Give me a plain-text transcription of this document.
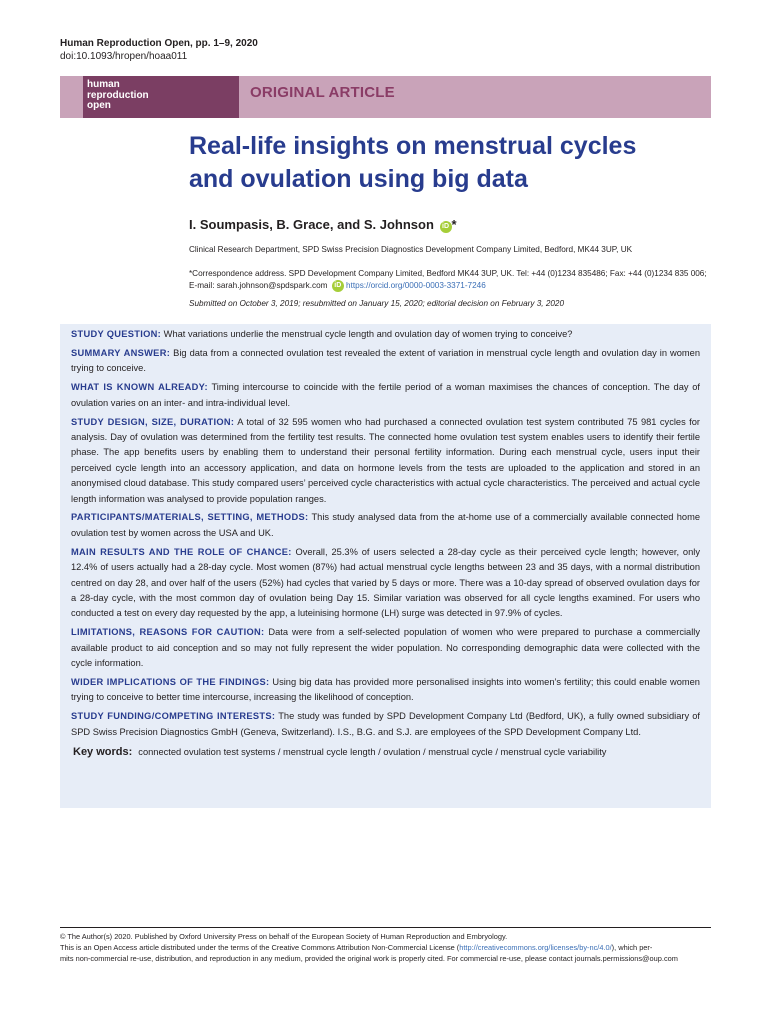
Human Reproduction Open, pp. 1–9, 2020
doi:10.1093/hropen/hoaa011
human
reproduction
open
ORIGINAL ARTICLE
Real-life insights on menstrual cycles
and ovulation using big data
I. Soumpasis, B. Grace, and S. Johnson iD *
Clinical Research Department, SPD Swiss Precision Diagnostics Development Company Limited, Bedford, MK44 3UP, UK
*Correspondence address. SPD Development Company Limited, Bedford MK44 3UP, UK. Tel: +44 (0)1234 835486; Fax: +44 (0)1234 835 006; E-mail: sarah.johnson@spdspark.com iD https://orcid.org/0000-0003-3371-7246
Submitted on October 3, 2019; resubmitted on January 15, 2020; editorial decision on February 3, 2020

STUDY QUESTION: What variations underlie the menstrual cycle length and ovulation day of women trying to conceive?

SUMMARY ANSWER: Big data from a connected ovulation test revealed the extent of variation in menstrual cycle length and ovulation day in women trying to conceive.

WHAT IS KNOWN ALREADY: Timing intercourse to coincide with the fertile period of a woman maximises the chances of conception. The day of ovulation varies on an inter- and intra-individual level.

STUDY DESIGN, SIZE, DURATION: A total of 32 595 women who had purchased a connected ovulation test system contributed 75 981 cycles for analysis. Day of ovulation was determined from the fertility test results. The connected home ovulation test system enables users to identify their fertile phase. The app benefits users by enabling them to understand their personal fertility information. During each menstrual cycle, users input their perceived cycle length into an accessory application, and data on hormone levels from the tests are uploaded to the application and stored in an anonymised cloud database. This study compared users’ perceived cycle characteristics with actual cycle characteristics. The perceived and actual cycle length information was analysed to provide population ranges.

PARTICIPANTS/MATERIALS, SETTING, METHODS: This study analysed data from the at-home use of a commercially available connected home ovulation test by women across the USA and UK.

MAIN RESULTS AND THE ROLE OF CHANCE: Overall, 25.3% of users selected a 28-day cycle as their perceived cycle length; however, only 12.4% of users actually had a 28-day cycle. Most women (87%) had actual menstrual cycle lengths between 23 and 35 days, with a normal distribution centred on day 28, and over half of the users (52%) had cycles that varied by 5 days or more. There was a 10-day spread of observed ovulation days for a 28-day cycle, with the most common day of ovulation being Day 15. Similar variation was observed for all cycle lengths examined. For users who conducted a test on every day requested by the app, a luteinising hormone (LH) surge was detected in 97.9% of cycles.

LIMITATIONS, REASONS FOR CAUTION: Data were from a self-selected population of women who were prepared to purchase a commercially available product to aid conception and so may not fully represent the wider population. No corresponding demographic data were collected with the cycle information.

WIDER IMPLICATIONS OF THE FINDINGS: Using big data has provided more personalised insights into women’s fertility; this could enable women trying to conceive to better time intercourse, increasing the likelihood of conception.

STUDY FUNDING/COMPETING INTERESTS: The study was funded by SPD Development Company Ltd (Bedford, UK), a fully owned subsidiary of SPD Swiss Precision Diagnostics GmbH (Geneva, Switzerland). I.S., B.G. and S.J. are employees of the SPD Development Company Ltd.

Key words: connected ovulation test systems / menstrual cycle length / ovulation / menstrual cycle / menstrual cycle variability
© The Author(s) 2020. Published by Oxford University Press on behalf of the European Society of Human Reproduction and Embryology.
This is an Open Access article distributed under the terms of the Creative Commons Attribution Non-Commercial License (http://creativecommons.org/licenses/by-nc/4.0/), which per-
mits non-commercial re-use, distribution, and reproduction in any medium, provided the original work is properly cited. For commercial re-use, please contact journals.permissions@oup.com
